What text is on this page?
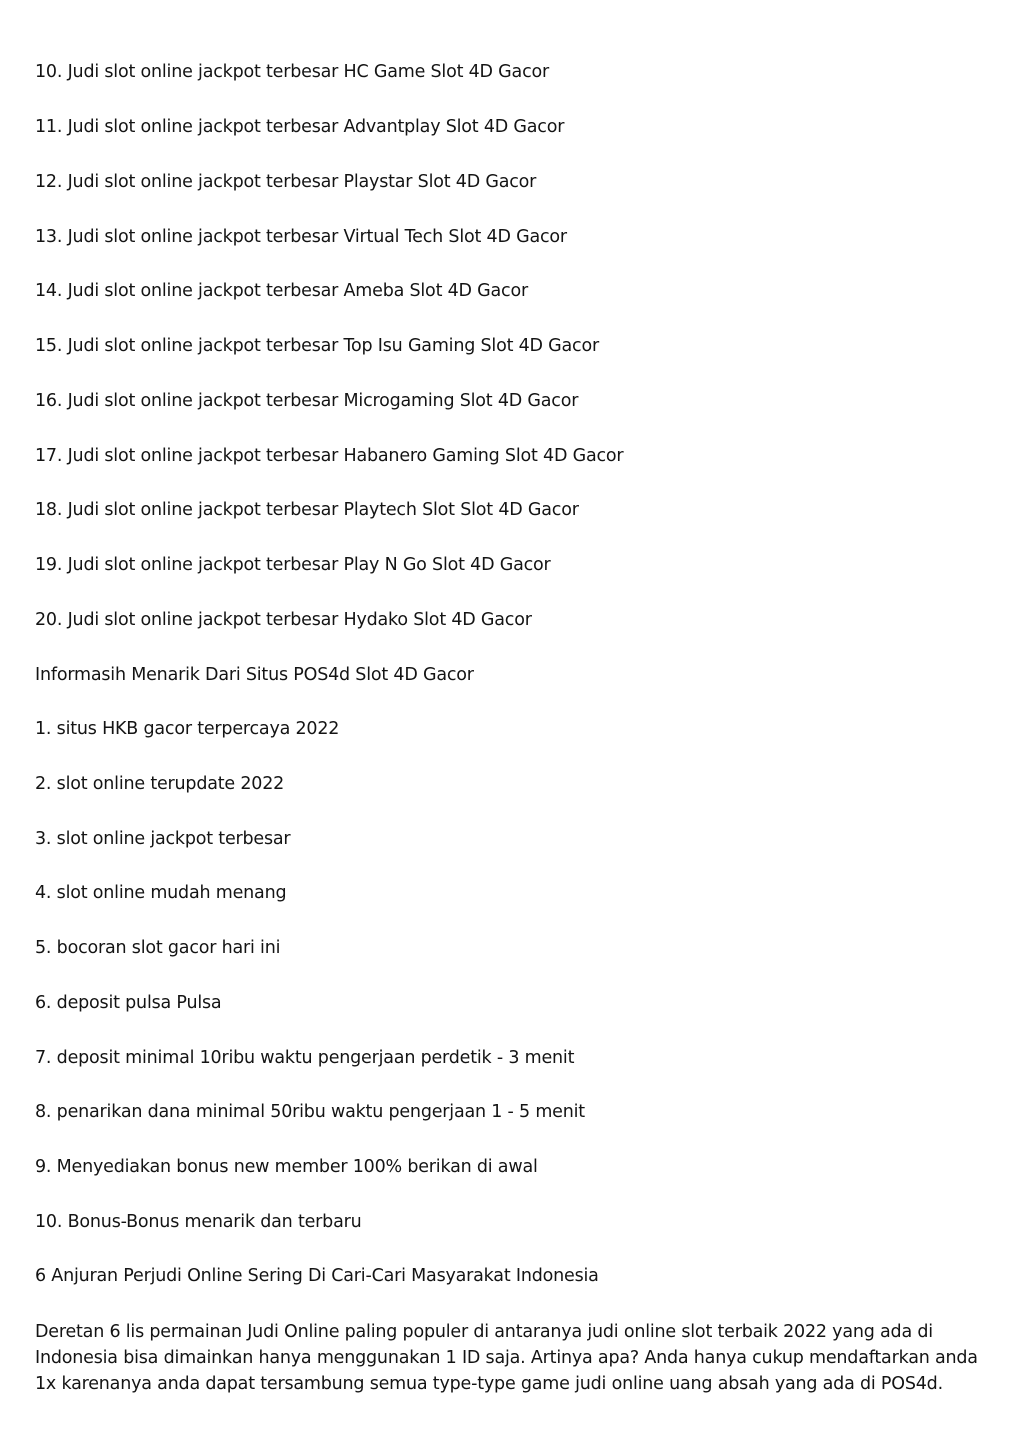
10. Judi slot online jackpot terbesar HC Game Slot 4D Gacor

11. Judi slot online jackpot terbesar Advantplay Slot 4D Gacor

12. Judi slot online jackpot terbesar Playstar Slot 4D Gacor

13. Judi slot online jackpot terbesar Virtual Tech Slot 4D Gacor

14. Judi slot online jackpot terbesar Ameba Slot 4D Gacor

15. Judi slot online jackpot terbesar Top Isu Gaming Slot 4D Gacor

16. Judi slot online jackpot terbesar Microgaming Slot 4D Gacor

17. Judi slot online jackpot terbesar Habanero Gaming Slot 4D Gacor

18. Judi slot online jackpot terbesar Playtech Slot Slot 4D Gacor

19. Judi slot online jackpot terbesar Play N Go Slot 4D Gacor

20. Judi slot online jackpot terbesar Hydako Slot 4D Gacor

Informasih Menarik Dari Situs POS4d Slot 4D Gacor

1. situs HKB gacor terpercaya 2022

2. slot online terupdate 2022

3. slot online jackpot terbesar

4. slot online mudah menang

5. bocoran slot gacor hari ini

6. deposit pulsa Pulsa

7. deposit minimal 10ribu waktu pengerjaan perdetik - 3 menit

8. penarikan dana minimal 50ribu waktu pengerjaan 1 - 5 menit

9. Menyediakan bonus new member 100% berikan di awal

10. Bonus-Bonus menarik dan terbaru

6 Anjuran Perjudi Online Sering Di Cari-Cari Masyarakat Indonesia

Deretan 6 lis permainan Judi Online paling populer di antaranya judi online slot terbaik 2022 yang ada di Indonesia bisa dimainkan hanya menggunakan 1 ID saja. Artinya apa? Anda hanya cukup mendaftarkan anda 1x karenanya anda dapat tersambung semua type-type game judi online uang absah yang ada di POS4d.
